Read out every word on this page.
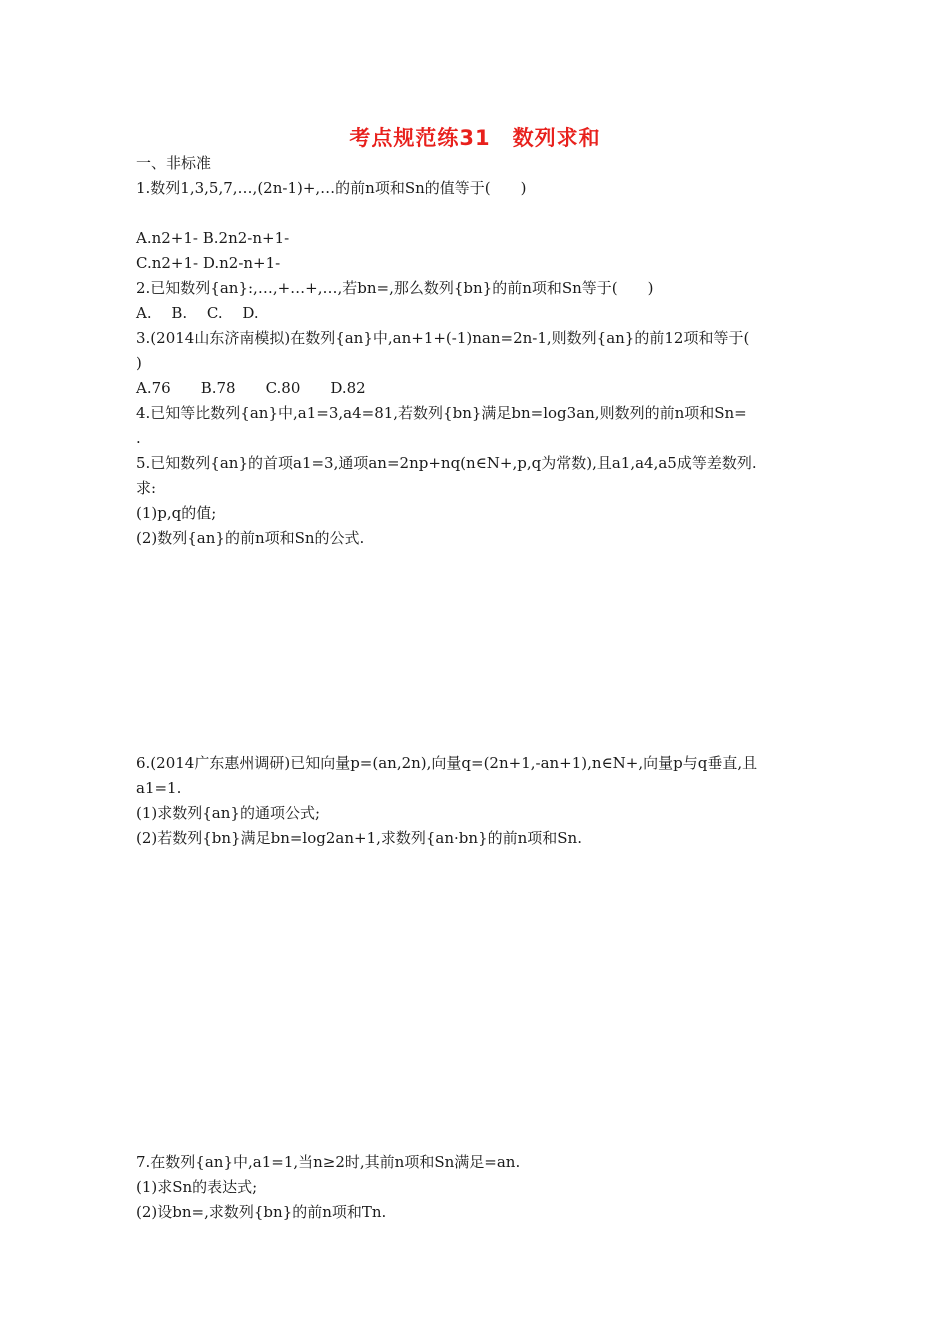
考点规范练31　数列求和
一、非标准
1.数列1,3,5,7,…,(2n-1)+,…的前n项和Sn的值等于(　　)
A.n2+1- B.2n2-n+1-
C.n2+1- D.n2-n+1-
2.已知数列{an}:,…,+…+,…,若bn=,那么数列{bn}的前n项和Sn等于(　　)
A.　 B.　 C.　 D.
3.(2014山东济南模拟)在数列{an}中,an+1+(-1)nan=2n-1,则数列{an}的前12项和等于(
)
A.76　　B.78　　C.80　　D.82
4.已知等比数列{an}中,a1=3,a4=81,若数列{bn}满足bn=log3an,则数列的前n项和Sn=
.
5.已知数列{an}的首项a1=3,通项an=2np+nq(n∈N+,p,q为常数),且a1,a4,a5成等差数列.
求:
(1)p,q的值;
(2)数列{an}的前n项和Sn的公式.
6.(2014广东惠州调研)已知向量p=(an,2n),向量q=(2n+1,-an+1),n∈N+,向量p与q垂直,且
a1=1.
(1)求数列{an}的通项公式;
(2)若数列{bn}满足bn=log2an+1,求数列{an·bn}的前n项和Sn.
7.在数列{an}中,a1=1,当n≥2时,其前n项和Sn满足=an.
(1)求Sn的表达式;
(2)设bn=,求数列{bn}的前n项和Tn.
